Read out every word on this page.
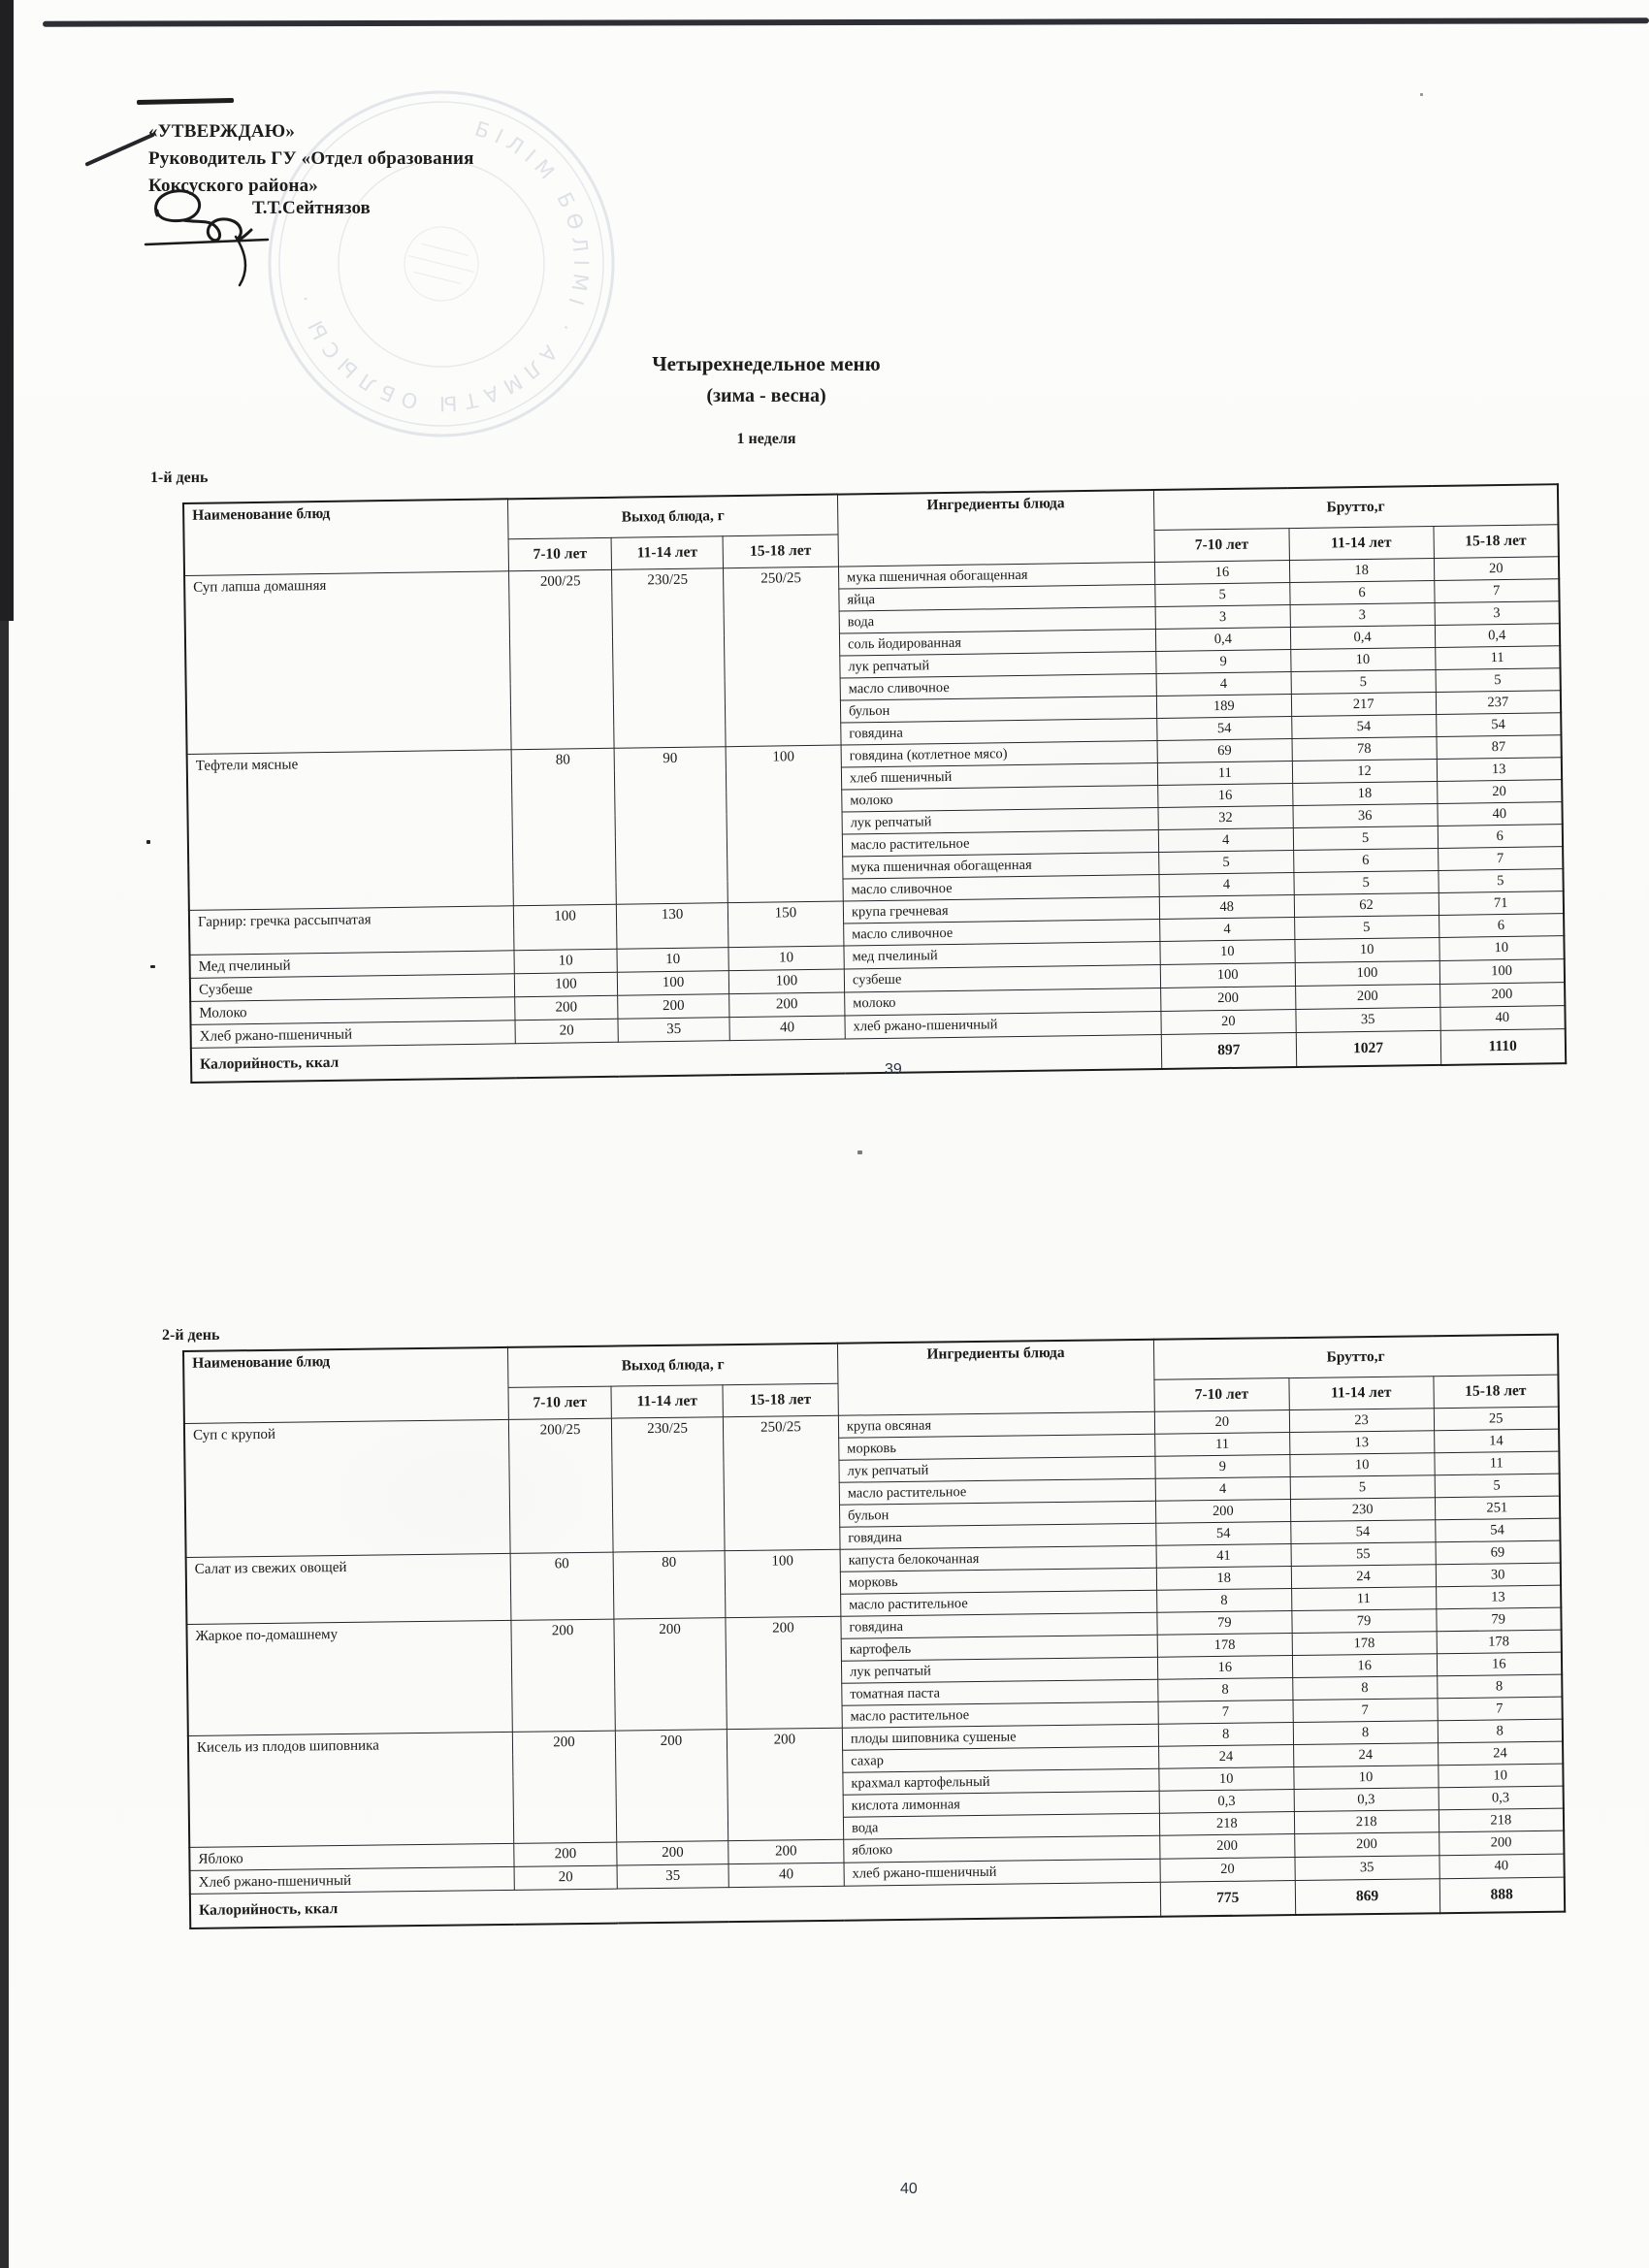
БІЛІМ БӨЛІМІ · АЛМАТЫ ОБЛЫСЫ ·
«УТВЕРЖДАЮ»
Руководитель ГУ «Отдел образования
Коксуского района»
Т.Т.Сейтнязов
Четырехнедельное меню
(зима - весна)
1 неделя
1-й день
Наименование блюд	Выход блюда, г			Ингредиенты блюда	Брутто,г		
	7-10 лет	11-14 лет	15-18 лет		7-10 лет	11-14 лет	15-18 лет
Суп лапша домашняя	200/25	230/25	250/25	мука пшеничная обогащенная	16	18	20
				яйца	5	6	7
				вода	3	3	3
				соль йодированная	0,4	0,4	0,4
				лук репчатый	9	10	11
				масло сливочное	4	5	5
				бульон	189	217	237
				говядина	54	54	54
Тефтели мясные	80	90	100	говядина (котлетное мясо)	69	78	87
				хлеб пшеничный	11	12	13
				молоко	16	18	20
				лук репчатый	32	36	40
				масло растительное	4	5	6
				мука пшеничная обогащенная	5	6	7
				масло сливочное	4	5	5
Гарнир: гречка рассыпчатая	100	130	150	крупа гречневая	48	62	71
				масло сливочное	4	5	6
Мед пчелиный	10	10	10	мед пчелиный	10	10	10
Сузбеше	100	100	100	сузбеше	100	100	100
Молоко	200	200	200	молоко	200	200	200
Хлеб ржано-пшеничный	20	35	40	хлеб ржано-пшеничный	20	35	40
Калорийность, ккал					897	1027	1110
39
2-й день
Наименование блюд	Выход блюда, г			Ингредиенты блюда	Брутто,г		
	7-10 лет	11-14 лет	15-18 лет		7-10 лет	11-14 лет	15-18 лет
Суп с крупой	200/25	230/25	250/25	крупа овсяная	20	23	25
				морковь	11	13	14
				лук репчатый	9	10	11
				масло растительное	4	5	5
				бульон	200	230	251
				говядина	54	54	54
Салат из свежих овощей	60	80	100	капуста белокочанная	41	55	69
				морковь	18	24	30
				масло растительное	8	11	13
Жаркое по-домашнему	200	200	200	говядина	79	79	79
				картофель	178	178	178
				лук репчатый	16	16	16
				томатная паста	8	8	8
				масло растительное	7	7	7
Кисель из плодов шиповника	200	200	200	плоды шиповника сушеные	8	8	8
				сахар	24	24	24
				крахмал картофельный	10	10	10
				кислота лимонная	0,3	0,3	0,3
				вода	218	218	218
Яблоко	200	200	200	яблоко	200	200	200
Хлеб ржано-пшеничный	20	35	40	хлеб ржано-пшеничный	20	35	40
Калорийность, ккал					775	869	888
40
